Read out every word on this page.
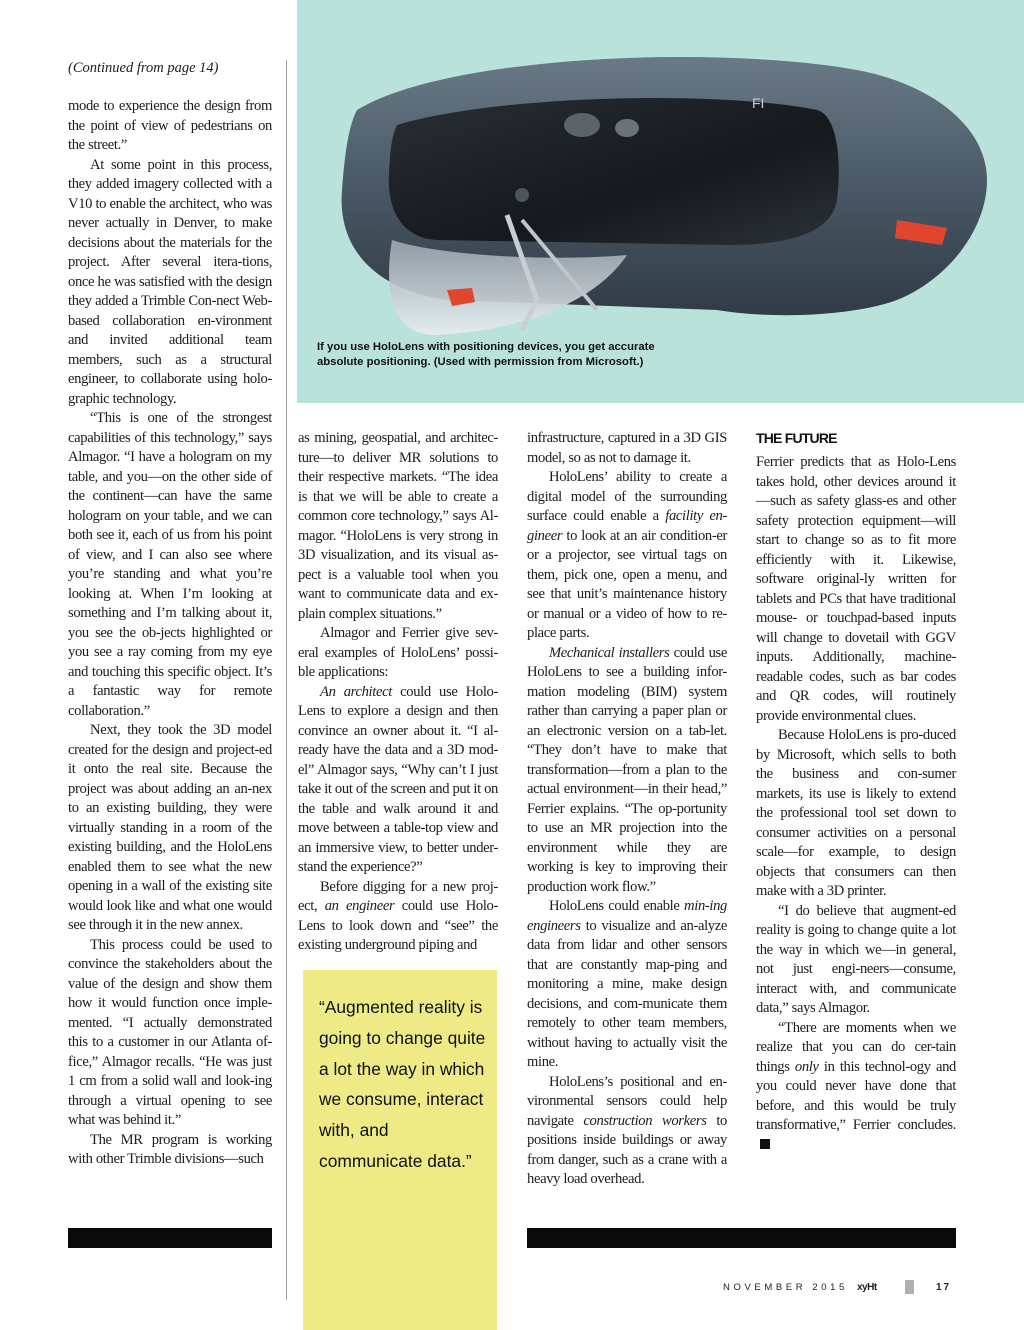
FI
If you use HoloLens with positioning devices, you get accurate
absolute positioning. (Used with permission from Microsoft.)
(Continued from page 14)

mode to experience the design from the point of view of pedestrians on the street.”

At some point in this process, they added imagery collected with a V10 to enable the architect, who was never actually in Denver, to make decisions about the materials for the project. After several itera-tions, once he was satisfied with the design they added a Trimble Con-nect Web-based collaboration en-vironment and invited additional team members, such as a structural engineer, to collaborate using holo-graphic technology.

“This is one of the strongest capabilities of this technology,” says Almagor. “I have a hologram on my table, and you—on the other side of the continent—can have the same hologram on your table, and we can both see it, each of us from his point of view, and I can also see where you’re standing and what you’re looking at. When I’m looking at something and I’m talking about it, you see the ob-jects highlighted or you see a ray coming from my eye and touching this specific object. It’s a fantastic way for remote collaboration.”

Next, they took the 3D model created for the design and project-ed it onto the real site. Because the project was about adding an an-nex to an existing building, they were virtually standing in a room of the existing building, and the HoloLens enabled them to see what the new opening in a wall of the existing site would look like and what one would see through it in the new annex.

This process could be used to convince the stakeholders about the value of the design and show them how it would function once imple-mented. “I actually demonstrated this to a customer in our Atlanta of-fice,” Almagor recalls. “He was just 1 cm from a solid wall and look-ing through a virtual opening to see what was behind it.”

The MR program is working with other Trimble divisions—such

as mining, geospatial, and architec-ture—to deliver MR solutions to their respective markets. “The idea is that we will be able to create a common core technology,” says Al-magor. “HoloLens is very strong in 3D visualization, and its visual as-pect is a valuable tool when you want to communicate data and ex-plain complex situations.”

Almagor and Ferrier give sev-eral examples of HoloLens’ possi-ble applications:

An architect could use Holo-Lens to explore a design and then convince an owner about it. “I al-ready have the data and a 3D mod-el” Almagor says, “Why can’t I just take it out of the screen and put it on the table and walk around it and move between a table-top view and an immersive view, to better under-stand the experience?”

Before digging for a new proj-ect, an engineer could use Holo-Lens to look down and “see” the existing underground piping and

“Augmented reality is going to change quite a lot the way in which we consume, interact with, and communicate data.”

infrastructure, captured in a 3D GIS model, so as not to damage it.

HoloLens’ ability to create a digital model of the surrounding surface could enable a facility en-gineer to look at an air condition-er or a projector, see virtual tags on them, pick one, open a menu, and see that unit’s maintenance history or manual or a video of how to re-place parts.

Mechanical installers could use HoloLens to see a building infor-mation modeling (BIM) system rather than carrying a paper plan or an electronic version on a tab-let. “They don’t have to make that transformation—from a plan to the actual environment—in their head,” Ferrier explains. “The op-portunity to use an MR projection into the environment while they are working is key to improving their production work flow.”

HoloLens could enable min-ing engineers to visualize and an-alyze data from lidar and other sensors that are constantly map-ping and monitoring a mine, make design decisions, and com-municate them remotely to other team members, without having to actually visit the mine.

HoloLens’s positional and en-vironmental sensors could help navigate construction workers to positions inside buildings or away from danger, such as a crane with a heavy load overhead.

THE FUTURE

Ferrier predicts that as Holo-Lens takes hold, other devices around it—such as safety glass-es and other safety protection equipment—will start to change so as to fit more efficiently with it. Likewise, software original-ly written for tablets and PCs that have traditional mouse- or touchpad-based inputs will change to dovetail with GGV inputs. Additionally, machine-readable codes, such as bar codes and QR codes, will routinely provide environmental clues.

Because HoloLens is pro-duced by Microsoft, which sells to both the business and con-sumer markets, its use is likely to extend the professional tool set down to consumer activities on a personal scale—for example, to design objects that consumers can then make with a 3D printer.

“I do believe that augment-ed reality is going to change quite a lot the way in which we—in general, not just engi-neers—consume, interact with, and communicate data,” says Almagor.

“There are moments when we realize that you can do cer-tain things only in this technol-ogy and you could never have done that before, and this would be truly transformative,” Ferrier concludes.

NOVEMBER 2015 xyHt	17
